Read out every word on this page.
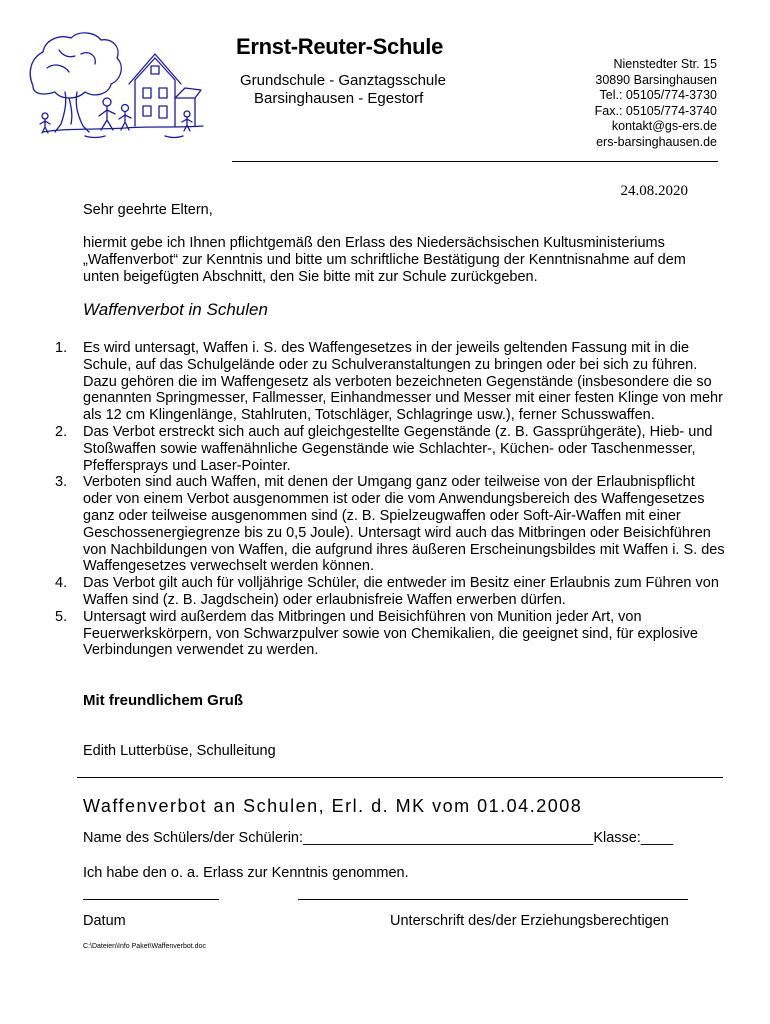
Ernst-Reuter-Schule
Grundschule - Ganztagsschule
Barsinghausen - Egestorf
Nienstedter Str. 15
30890 Barsinghausen
Tel.: 05105/774-3730
Fax.: 05105/774-3740
kontakt@gs-ers.de
ers-barsinghausen.de
24.08.2020
Sehr geehrte Eltern,
hiermit gebe ich Ihnen pflichtgemäß den Erlass des Niedersächsischen Kultusministeriums „Waffenverbot“ zur Kenntnis und bitte um schriftliche Bestätigung der Kenntnisnahme auf dem unten beigefügten Abschnitt, den Sie bitte mit zur Schule zurückgeben.
Waffenverbot in Schulen
1. Es wird untersagt, Waffen i. S. des Waffengesetzes in der jeweils geltenden Fassung mit in die Schule, auf das Schulgelände oder zu Schulveranstaltungen zu bringen oder bei sich zu führen. Dazu gehören die im Waffengesetz als verboten bezeichneten Gegenstände (insbesondere die so genannten Springmesser, Fallmesser, Einhandmesser und Messer mit einer festen Klinge von mehr als 12 cm Klingenlänge, Stahlruten, Totschläger, Schlagringe usw.), ferner Schusswaffen.
2. Das Verbot erstreckt sich auch auf gleichgestellte Gegenstände (z. B. Gassprühgeräte), Hieb- und Stoßwaffen sowie waffenähnliche Gegenstände wie Schlachter-, Küchen- oder Taschenmesser, Pfeffersprays und Laser-Pointer.
3. Verboten sind auch Waffen, mit denen der Umgang ganz oder teilweise von der Erlaubnispflicht oder von einem Verbot ausgenommen ist oder die vom Anwendungsbereich des Waffengesetzes ganz oder teilweise ausgenommen sind (z. B. Spielzeugwaffen oder Soft-Air-Waffen mit einer Geschossenergiegrenze bis zu 0,5 Joule). Untersagt wird auch das Mitbringen oder Beisichführen von Nachbildungen von Waffen, die aufgrund ihres äußeren Erscheinungsbildes mit Waffen i. S. des Waffengesetzes verwechselt werden können.
4. Das Verbot gilt auch für volljährige Schüler, die entweder im Besitz einer Erlaubnis zum Führen von Waffen sind (z. B. Jagdschein) oder erlaubnisfreie Waffen erwerben dürfen.
5. Untersagt wird außerdem das Mitbringen und Beisichführen von Munition jeder Art, von Feuerwerkskörpern, von Schwarzpulver sowie von Chemikalien, die geeignet sind, für explosive Verbindungen verwendet zu werden.
Mit freundlichem Gruß
Edith Lutterbüse, Schulleitung
Waffenverbot an Schulen, Erl. d. MK vom 01.04.2008
Name des Schülers/der Schülerin:____________________________________Klasse:____
Ich habe den o. a. Erlass zur Kenntnis genommen.
Datum	Unterschrift des/der Erziehungsberechtigen
C:\Dateien\Info Paket\Waffenverbot.doc
